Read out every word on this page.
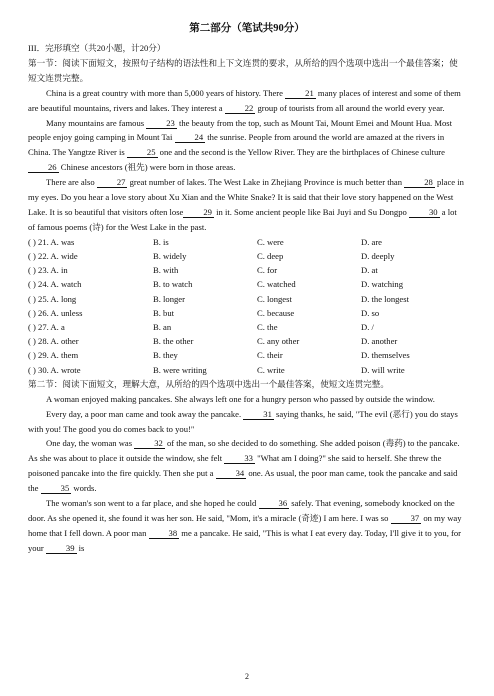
第二部分（笔试共90分）

III．完形填空（共20小题，计20分）

第一节：阅读下面短文，按照句子结构的语法性和上下文连贯的要求，从所给的四个选项中选出一个最佳答案；使短文连贯完整。

China is a great country with more than 5,000 years of history. There 21 many places of interest and some of them are beautiful mountains, rivers and lakes. They interest a 22 group of tourists from all around the world every year.

Many mountains are famous 23 the beauty from the top, such as Mount Tai, Mount Emei and Mount Hua. Most people enjoy going camping in Mount Tai 24 the sunrise. People from around the world are amazed at the rivers in China. The Yangtze River is 25 one and the second is the Yellow River. They are the birthplaces of Chinese culture 26 Chinese ancestors (祖先) were born in those areas.

There are also 27 great number of lakes. The West Lake in Zhejiang Province is much better than 28 place in my eyes. Do you hear a love story about Xu Xian and the White Snake? It is said that their love story happened on the West Lake. It is so beautiful that visitors often lose 29 in it. Some ancient people like Bai Juyi and Su Dongpo 30 a lot of famous poems (诗) for the West Lake in the past.

( ) 21. A. was	B. is	C. were	D. are
( ) 22. A. wide	B. widely	C. deep	D. deeply
( ) 23. A. in	B. with	C. for	D. at
( ) 24. A. watch	B. to watch	C. watched	D. watching
( ) 25. A. long	B. longer	C. longest	D. the longest
( ) 26. A. unless	B. but	C. because	D. so
( ) 27. A. a	B. an	C. the	D. /
( ) 28. A. other	B. the other	C. any other	D. another
( ) 29. A. them	B. they	C. their	D. themselves
( ) 30. A. wrote	B. were writing	C. write	D. will write

第二节：阅读下面短文，理解大意，从所给的四个选项中选出一个最佳答案，使短文连贯完整。

A woman enjoyed making pancakes. She always left one for a hungry person who passed by outside the window.

Every day, a poor man came and took away the pancake. 31 saying thanks, he said, "The evil (恶行) you do stays with you! The good you do comes back to you!"

One day, the woman was 32 of the man, so she decided to do something. She added poison (毒药) to the pancake. As she was about to place it outside the window, she felt 33 "What am I doing?" she said to herself. She threw the poisoned pancake into the fire quickly. Then she put a 34 one. As usual, the poor man came, took the pancake and said the 35 words.

The woman's son went to a far place, and she hoped he could 36 safely. That evening, somebody knocked on the door. As she opened it, she found it was her son. He said, "Mom, it's a miracle (奇迹) I am here. I was so 37 on my way home that I fell down. A poor man 38 me a pancake. He said, "This is what I eat every day. Today, I'll give it to you, for your 39 is

2
